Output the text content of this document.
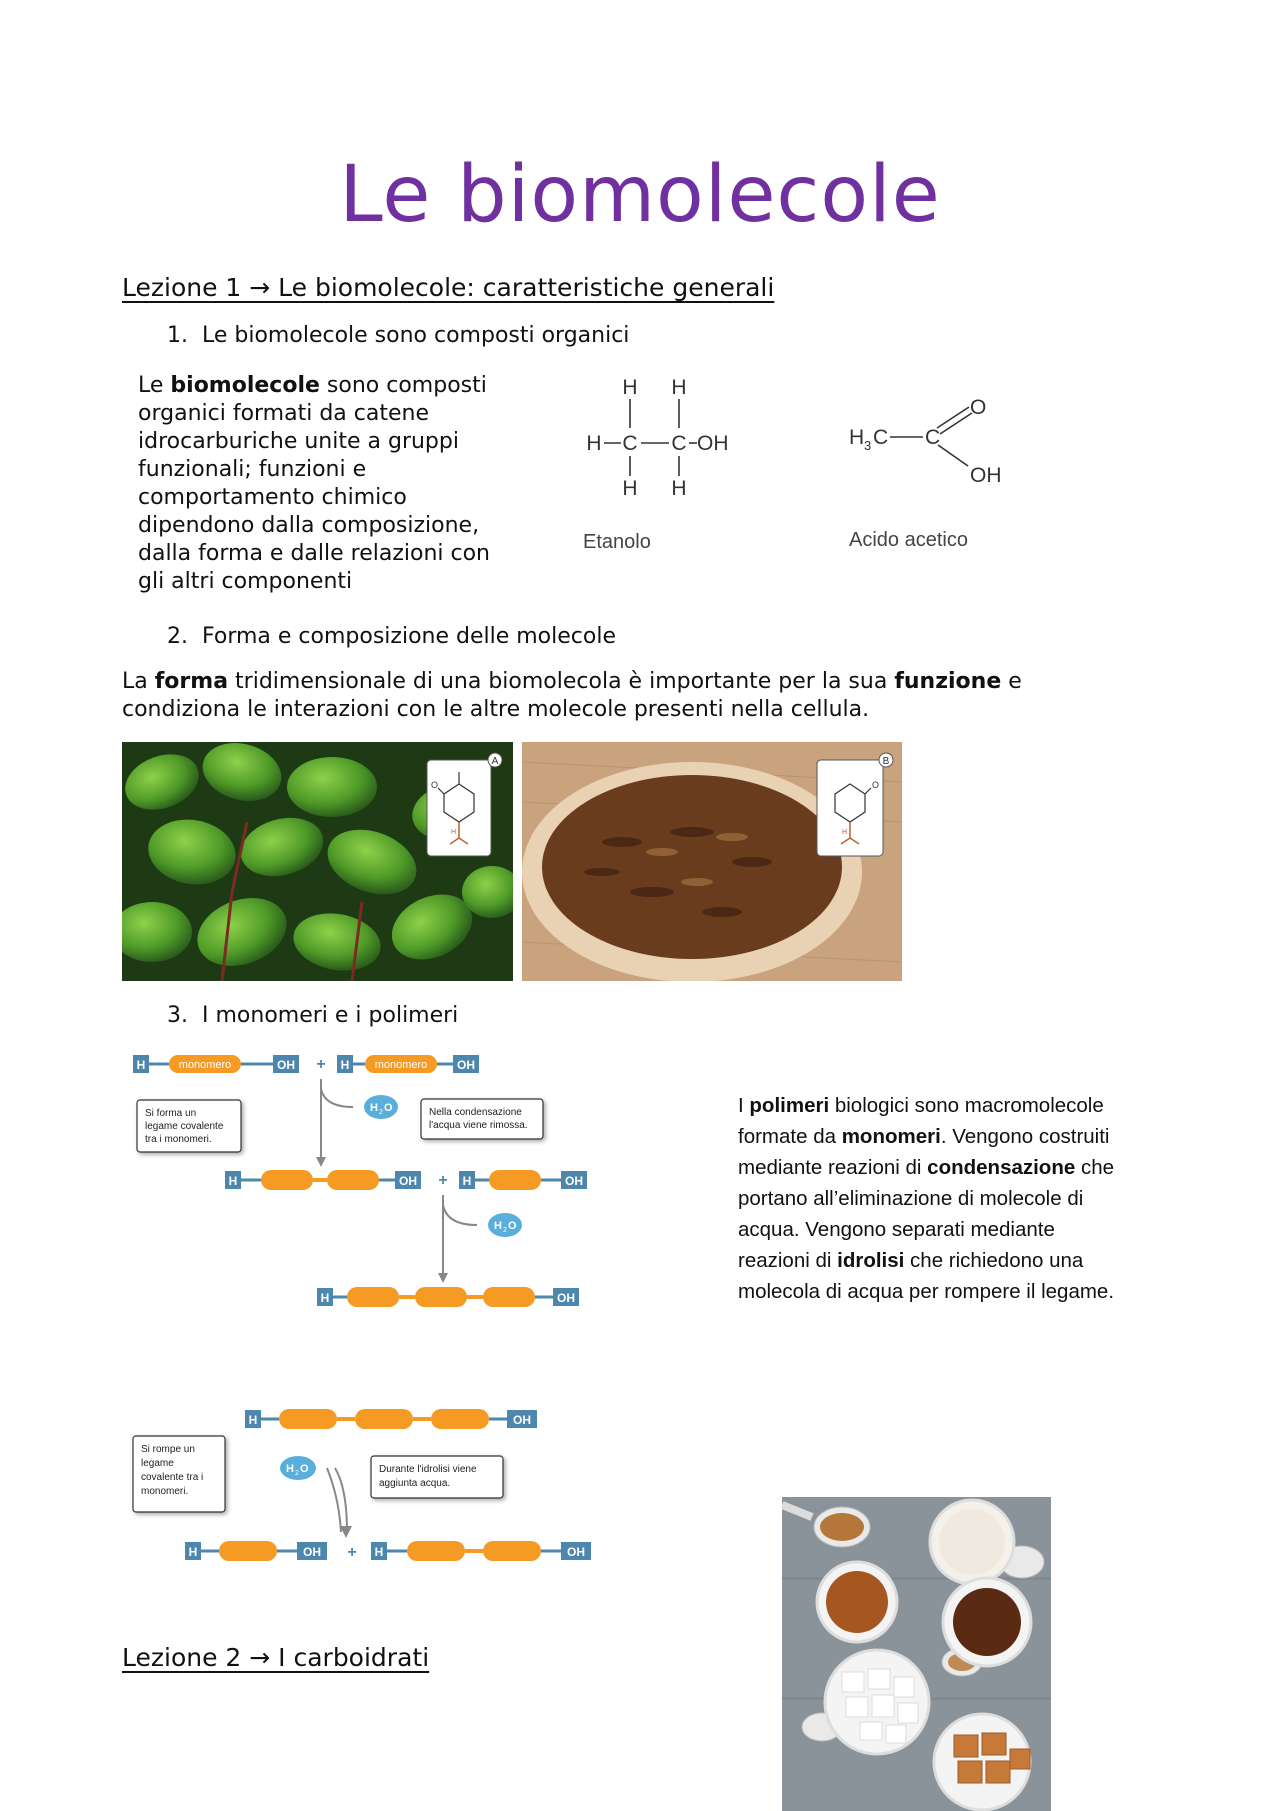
Le biomolecole
Lezione 1 → Le biomolecole: caratteristiche generali
1. Le biomolecole sono composti organici
Le biomolecole sono composti organici formati da catene idrocarburiche unite a gruppi funzionali; funzioni e comportamento chimico dipendono dalla composizione, dalla forma e dalle relazioni con gli altri componenti
H H
H C C OH
H H
Etanolo
H 3 C C
O
OH
Acido acetico
2. Forma e composizione delle molecole
La forma tridimensionale di una biomolecola è importante per la sua funzione e condiziona le interazioni con le altre molecole presenti nella cellula.
A
O
H
B
O
H
3. I monomeri e i polimeri
H	monomero	OH + H monomero OH
H	OH + H	OH
H	OH
H 2 O
H 2 O
Si forma un legame covalente tra i monomeri.
Nella condensazione l'acqua viene rimossa.
I polimeri biologici sono macromolecole formate da monomeri. Vengono costruiti mediante reazioni di condensazione che portano all’eliminazione di molecole di acqua. Vengono separati mediante reazioni di idrolisi che richiedono una molecola di acqua per rompere il legame.
H	OH
H	OH + H	OH
H 2 O
Si rompe un legame covalente tra i monomeri.
Durante l'idrolisi viene aggiunta acqua.
Lezione 2 → I carboidrati
